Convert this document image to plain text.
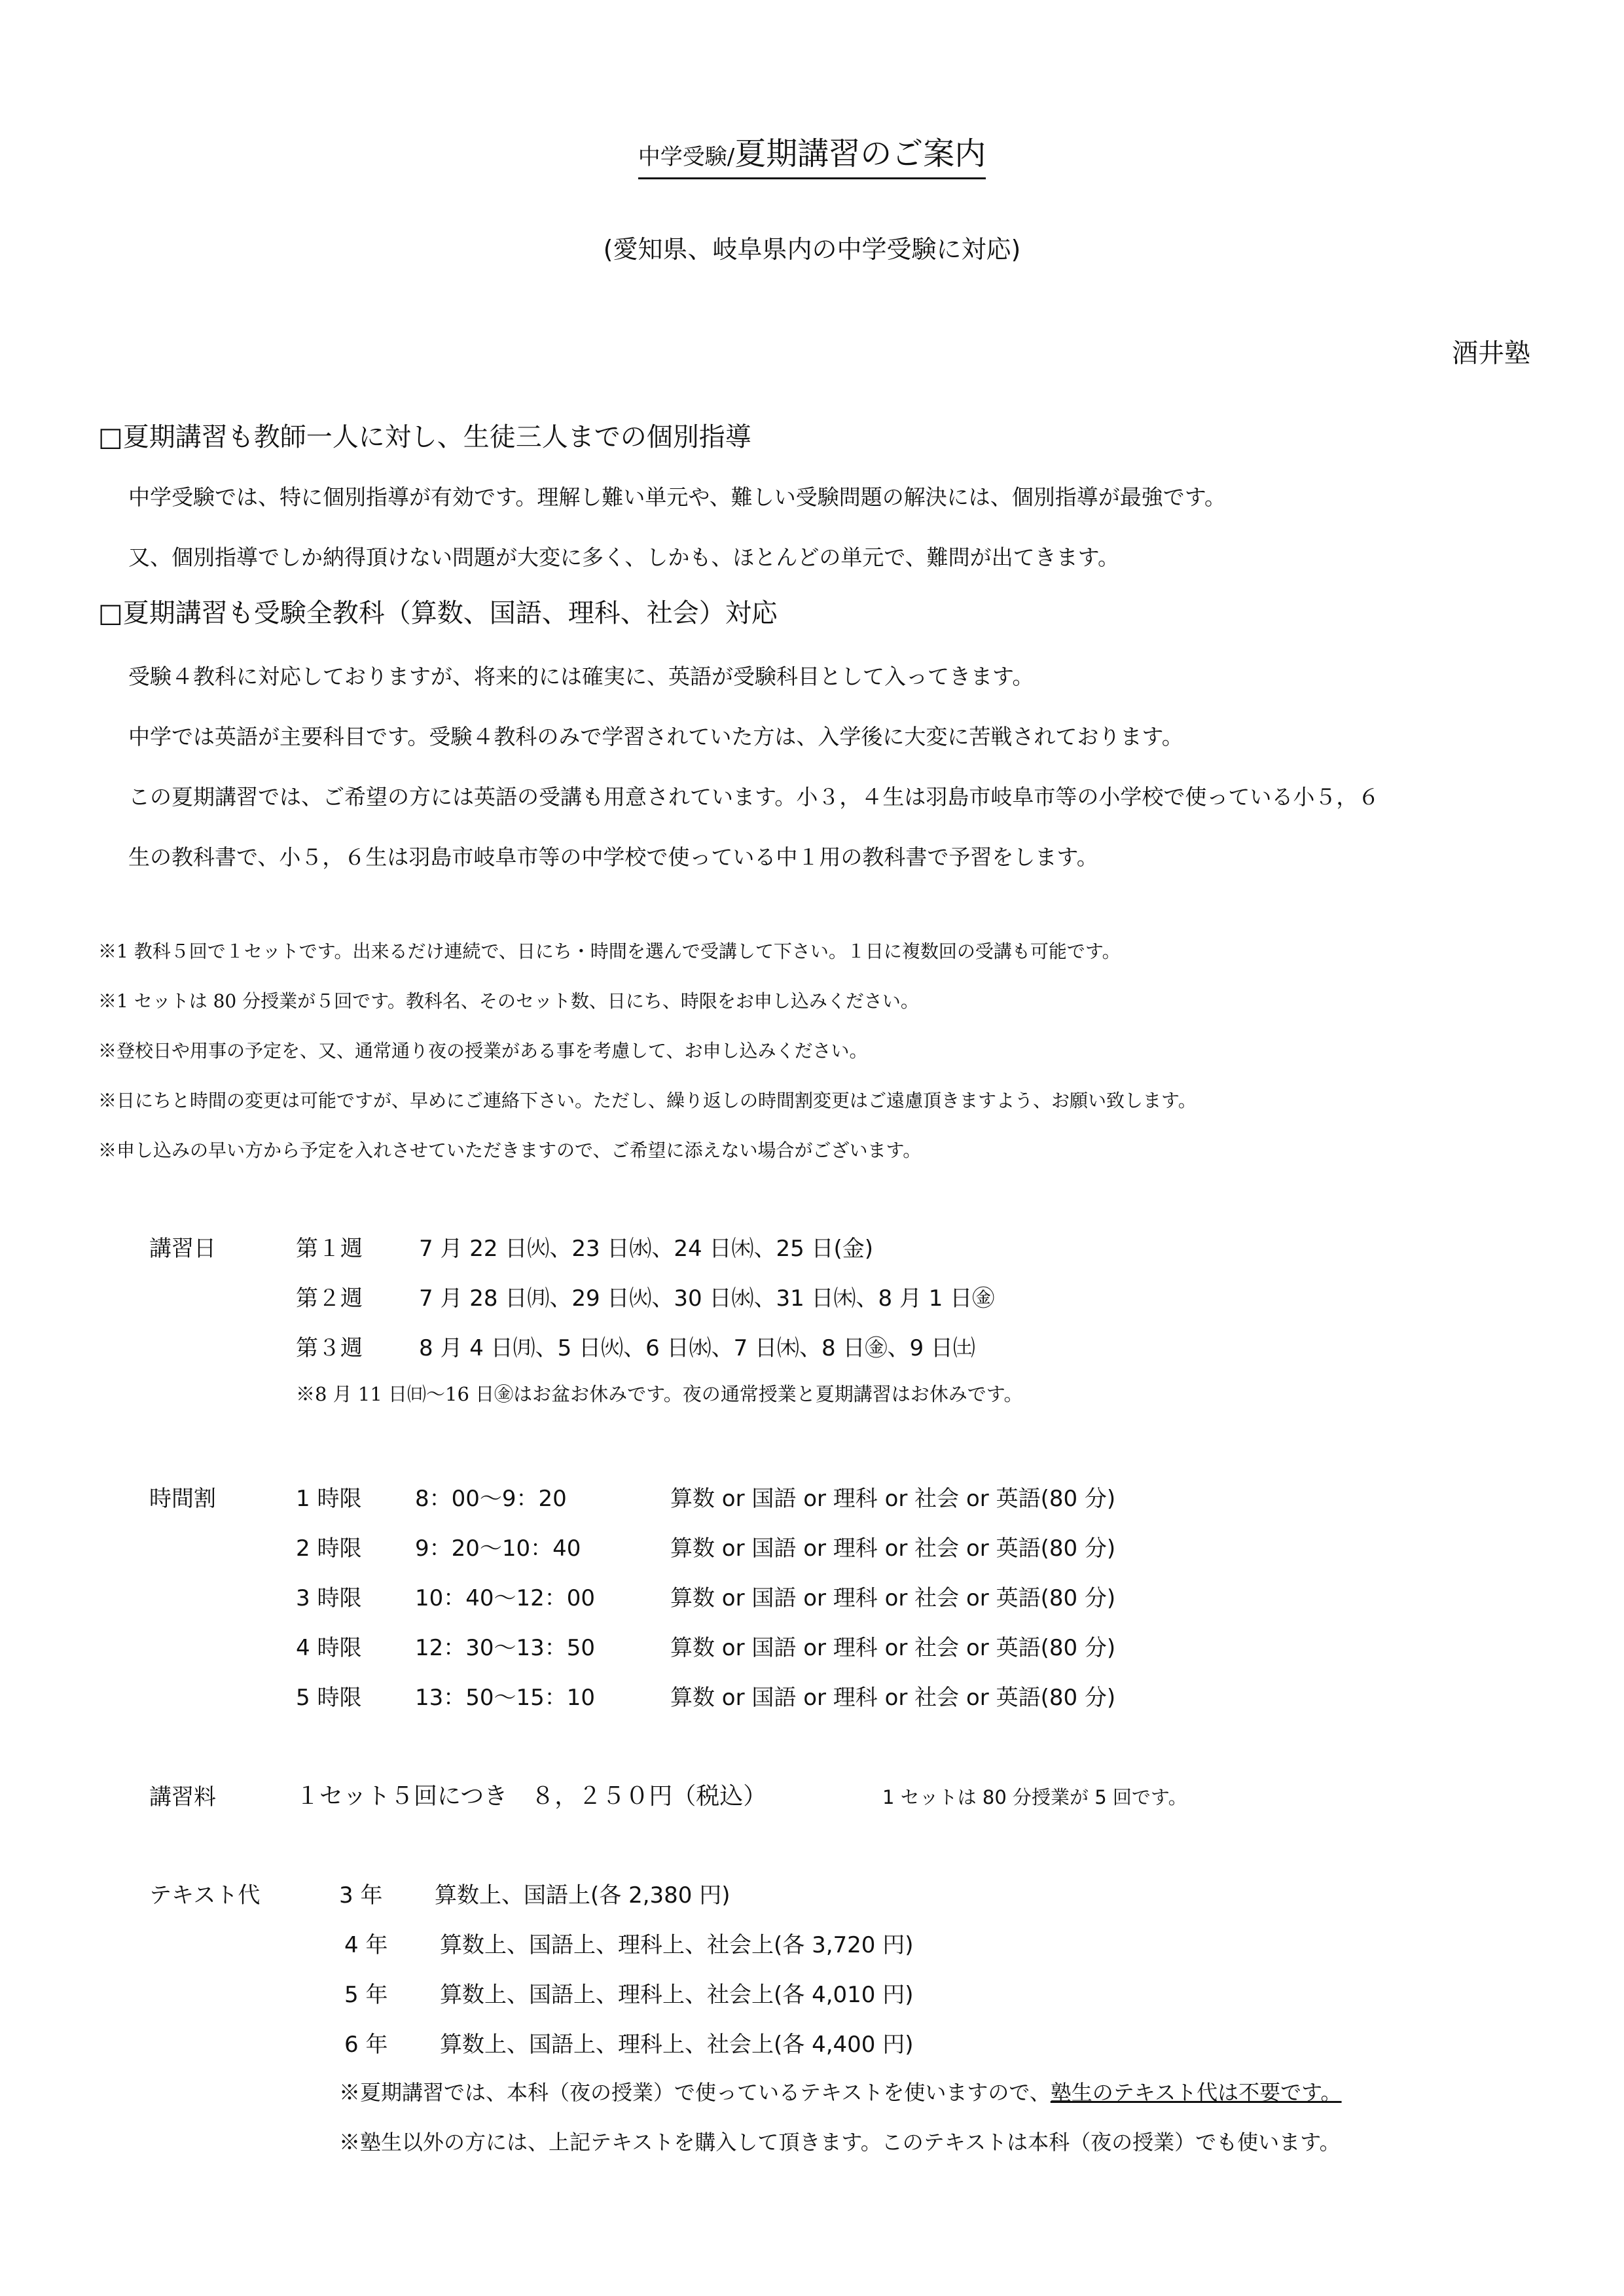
中学受験/夏期講習のご案内
(愛知県、岐阜県内の中学受験に対応)
酒井塾
□夏期講習も教師一人に対し、生徒三人までの個別指導
中学受験では、特に個別指導が有効です。理解し難い単元や、難しい受験問題の解決には、個別指導が最強です。
又、個別指導でしか納得頂けない問題が大変に多く、しかも、ほとんどの単元で、難問が出てきます。
□夏期講習も受験全教科（算数、国語、理科、社会）対応
受験４教科に対応しておりますが、将来的には確実に、英語が受験科目として入ってきます。
中学では英語が主要科目です。受験４教科のみで学習されていた方は、入学後に大変に苦戦されております。
この夏期講習では、ご希望の方には英語の受講も用意されています。小３，４生は羽島市岐阜市等の小学校で使っている小５，６
生の教科書で、小５，６生は羽島市岐阜市等の中学校で使っている中１用の教科書で予習をします。
※1 教科５回で１セットです。出来るだけ連続で、日にち・時間を選んで受講して下さい。１日に複数回の受講も可能です。
※1 セットは 80 分授業が５回です。教科名、そのセット数、日にち、時限をお申し込みください。
※登校日や用事の予定を、又、通常通り夜の授業がある事を考慮して、お申し込みください。
※日にちと時間の変更は可能ですが、早めにご連絡下さい。ただし、繰り返しの時間割変更はご遠慮頂きますよう、お願い致します。
※申し込みの早い方から予定を入れさせていただきますので、ご希望に添えない場合がございます。
講習日	第１週	7 月 22 日㈫、23 日㈬、24 日㈭、25 日(金)
第２週	7 月 28 日㈪、29 日㈫、30 日㈬、31 日㈭、8 月 1 日㊎
第３週	8 月 4 日㈪、5 日㈫、6 日㈬、7 日㈭、8 日㊎、9 日㈯
※8 月 11 日㈰〜16 日㊎はお盆お休みです。夜の通常授業と夏期講習はお休みです。
時間割	1 時限 8：00～9：20	算数 or 国語 or 理科 or 社会 or 英語(80 分)
2 時限 9：20～10：40	算数 or 国語 or 理科 or 社会 or 英語(80 分)
3 時限 10：40～12：00	算数 or 国語 or 理科 or 社会 or 英語(80 分)
4 時限 12：30～13：50	算数 or 国語 or 理科 or 社会 or 英語(80 分)
5 時限 13：50～15：10	算数 or 国語 or 理科 or 社会 or 英語(80 分)
講習料	１セット５回につき　８，２５０円（税込）	1 セットは 80 分授業が 5 回です。
テキスト代	3 年 算数上、国語上(各 2,380 円)
4 年 算数上、国語上、理科上、社会上(各 3,720 円)
5 年 算数上、国語上、理科上、社会上(各 4,010 円)
6 年 算数上、国語上、理科上、社会上(各 4,400 円)
※夏期講習では、本科（夜の授業）で使っているテキストを使いますので、塾生のテキスト代は不要です。
※塾生以外の方には、上記テキストを購入して頂きます。このテキストは本科（夜の授業）でも使います。
